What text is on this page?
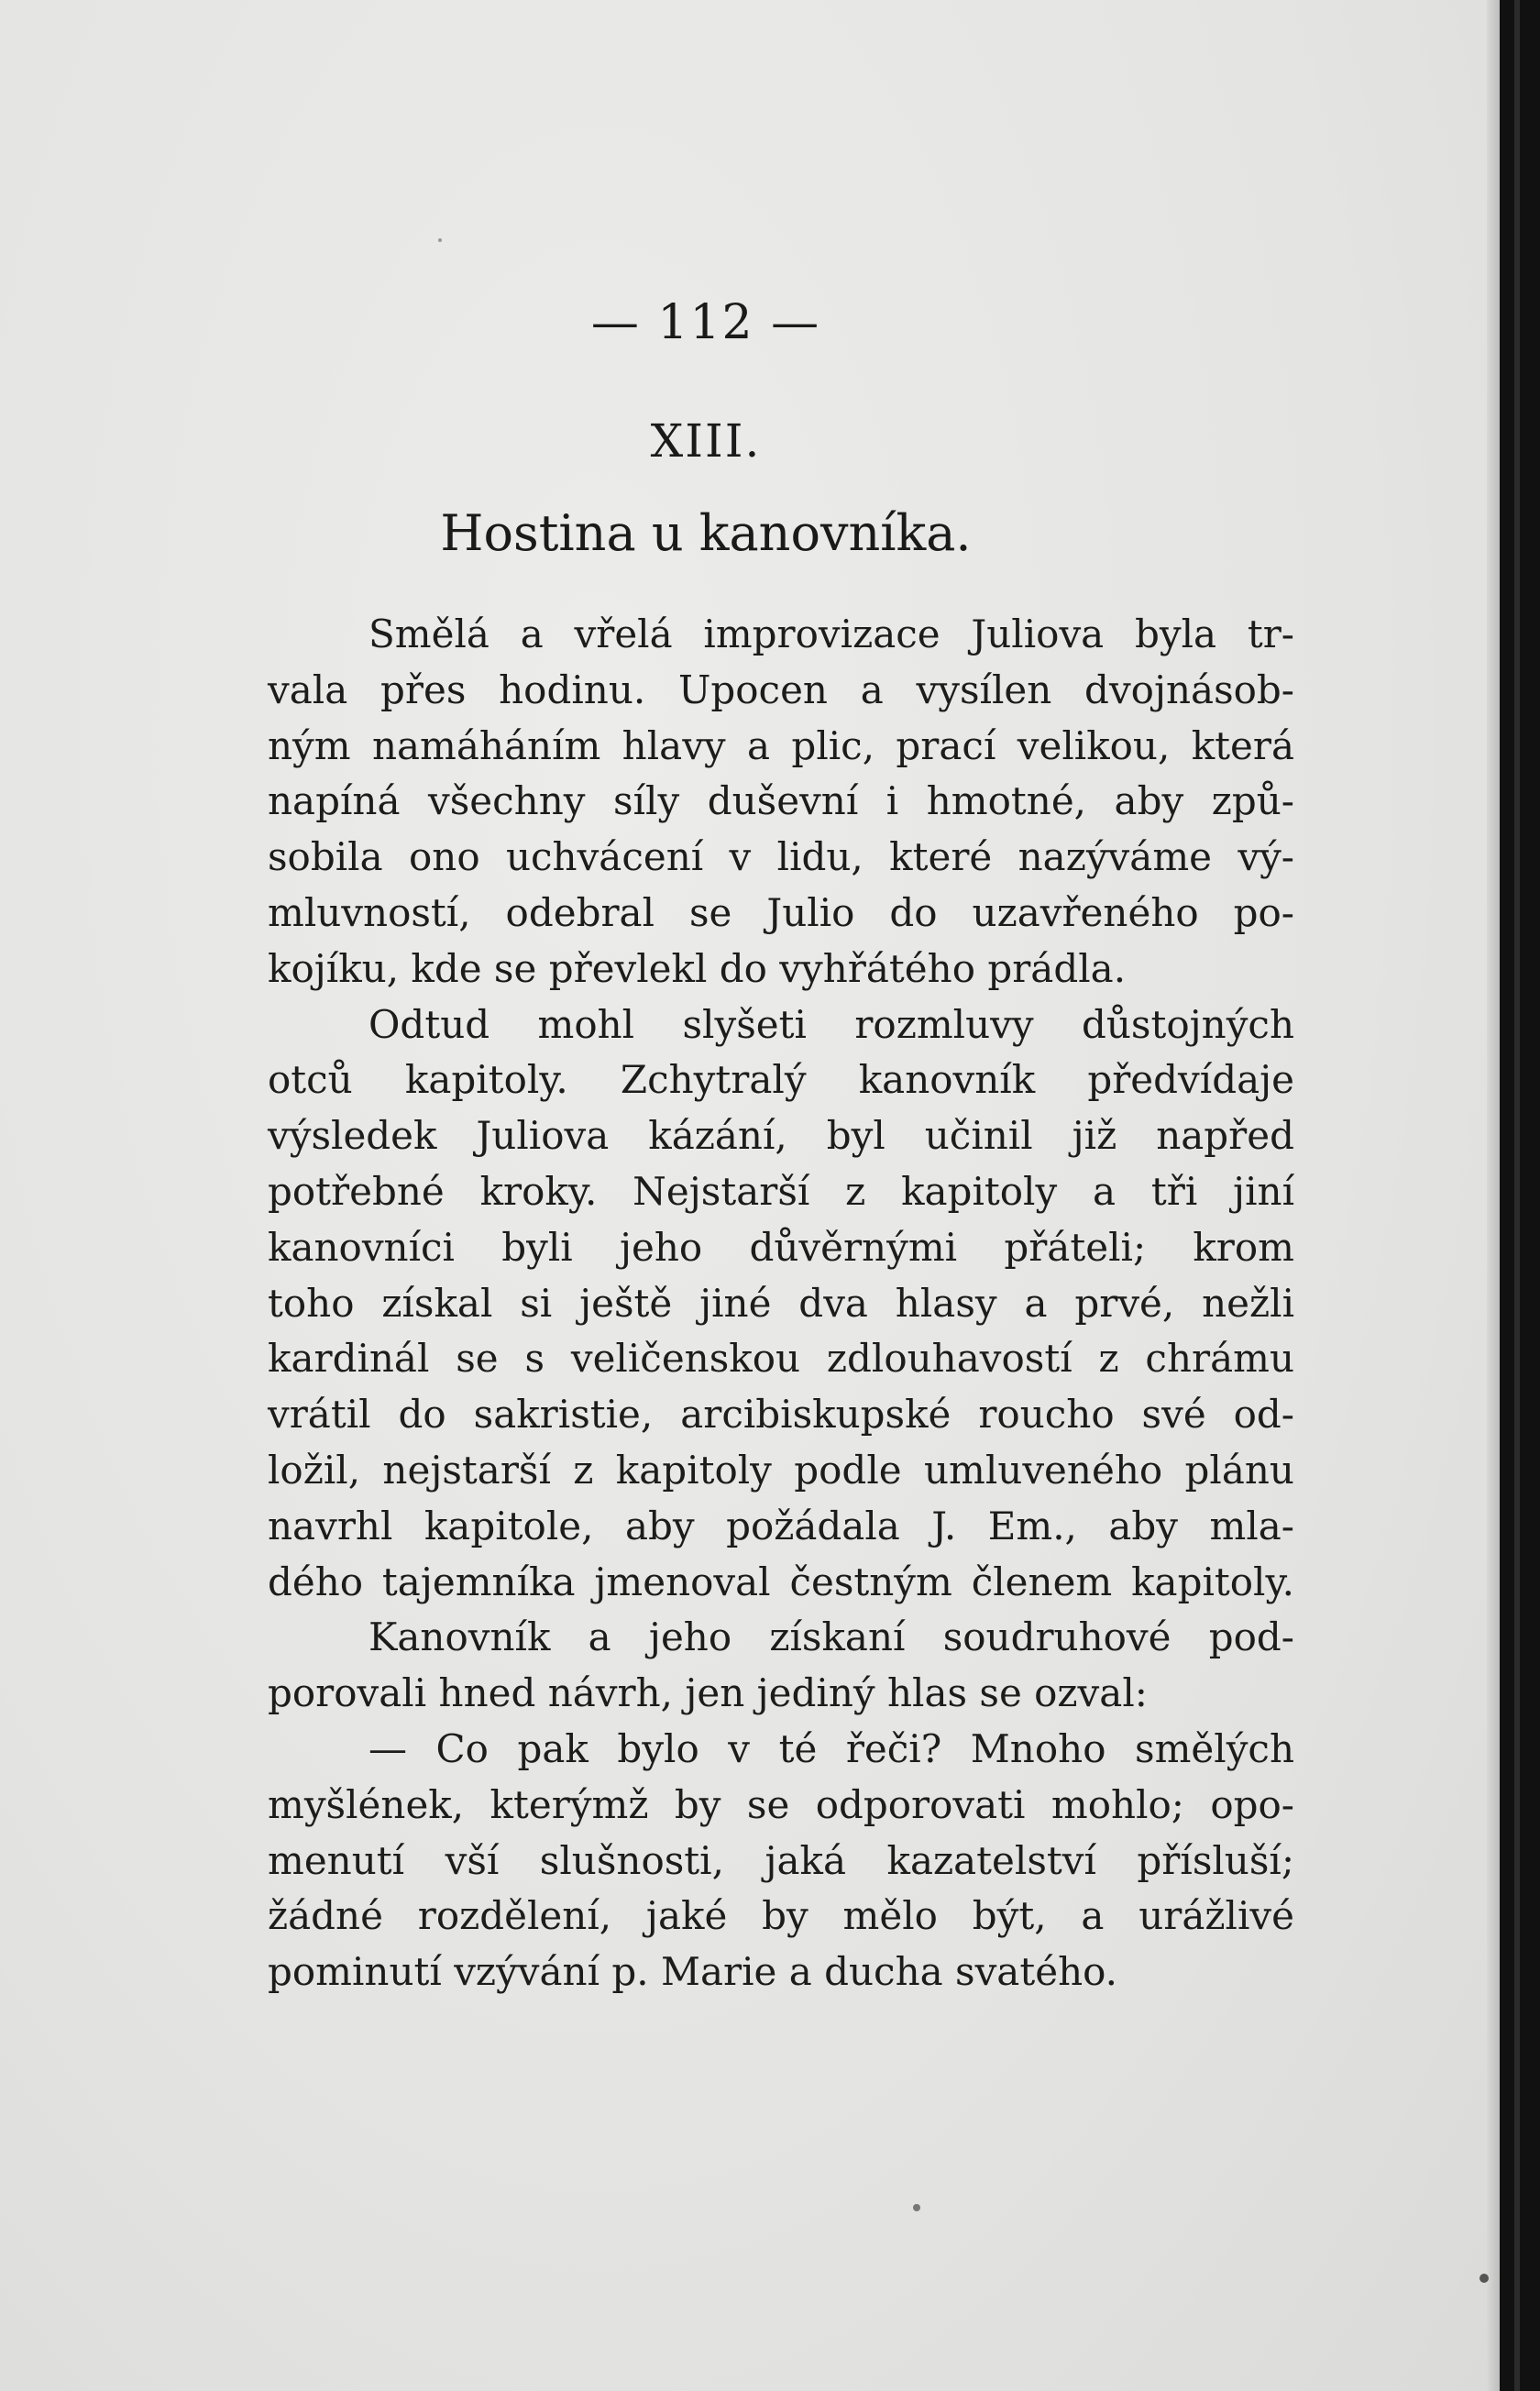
— 112 —
XIII.
Hostina u kanovníka.
Smělá a vřelá improvizace Juliova byla tr-
vala přes hodinu. Upocen a vysílen dvojnásob-
ným namáháním hlavy a plic, prací velikou, která
napíná všechny síly duševní i hmotné, aby způ-
sobila ono uchvácení v lidu, které nazýváme vý-
mluvností, odebral se Julio do uzavřeného po-
kojíku, kde se převlekl do vyhřátého prádla.
Odtud mohl slyšeti rozmluvy důstojných
otců kapitoly. Zchytralý kanovník předvídaje
výsledek Juliova kázání, byl učinil již napřed
potřebné kroky. Nejstarší z kapitoly a tři jiní
kanovníci byli jeho důvěrnými přáteli; krom
toho získal si ještě jiné dva hlasy a prvé, nežli
kardinál se s veličenskou zdlouhavostí z chrámu
vrátil do sakristie, arcibiskupské roucho své od-
ložil, nejstarší z kapitoly podle umluveného plánu
navrhl kapitole, aby požádala J. Em., aby mla-
dého tajemníka jmenoval čestným členem kapitoly.
Kanovník a jeho získaní soudruhové pod-
porovali hned návrh, jen jediný hlas se ozval:
— Co pak bylo v té řeči? Mnoho smělých
myšlének, kterýmž by se odporovati mohlo; opo-
menutí vší slušnosti, jaká kazatelství přísluší;
žádné rozdělení, jaké by mělo být, a urážlivé
pominutí vzývání p. Marie a ducha svatého.
